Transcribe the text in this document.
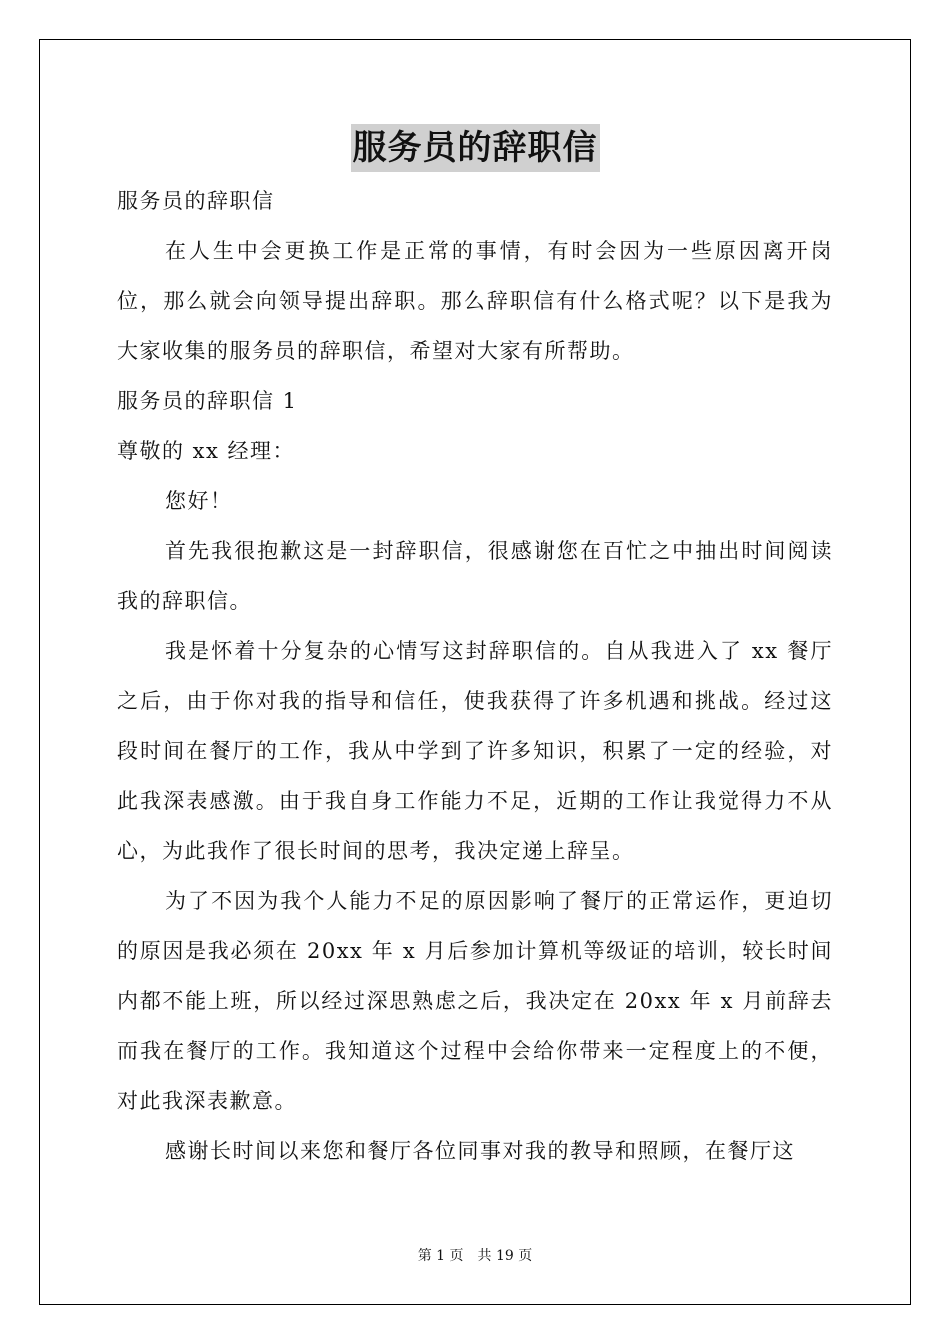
服务员的辞职信

服务员的辞职信

在人生中会更换工作是正常的事情，有时会因为一些原因离开岗位，那么就会向领导提出辞职。那么辞职信有什么格式呢？以下是我为大家收集的服务员的辞职信，希望对大家有所帮助。

服务员的辞职信 1

尊敬的 xx 经理：

您好！

首先我很抱歉这是一封辞职信，很感谢您在百忙之中抽出时间阅读我的辞职信。

我是怀着十分复杂的心情写这封辞职信的。自从我进入了 xx 餐厅之后，由于你对我的指导和信任，使我获得了许多机遇和挑战。经过这段时间在餐厅的工作，我从中学到了许多知识，积累了一定的经验，对此我深表感激。由于我自身工作能力不足，近期的工作让我觉得力不从心，为此我作了很长时间的思考，我决定递上辞呈。

为了不因为我个人能力不足的原因影响了餐厅的正常运作，更迫切的原因是我必须在 20xx 年 x 月后参加计算机等级证的培训，较长时间内都不能上班，所以经过深思熟虑之后，我决定在 20xx 年 x 月前辞去而我在餐厅的工作。我知道这个过程中会给你带来一定程度上的不便，对此我深表歉意。

感谢长时间以来您和餐厅各位同事对我的教导和照顾，在餐厅这

第 1 页 共 19 页
